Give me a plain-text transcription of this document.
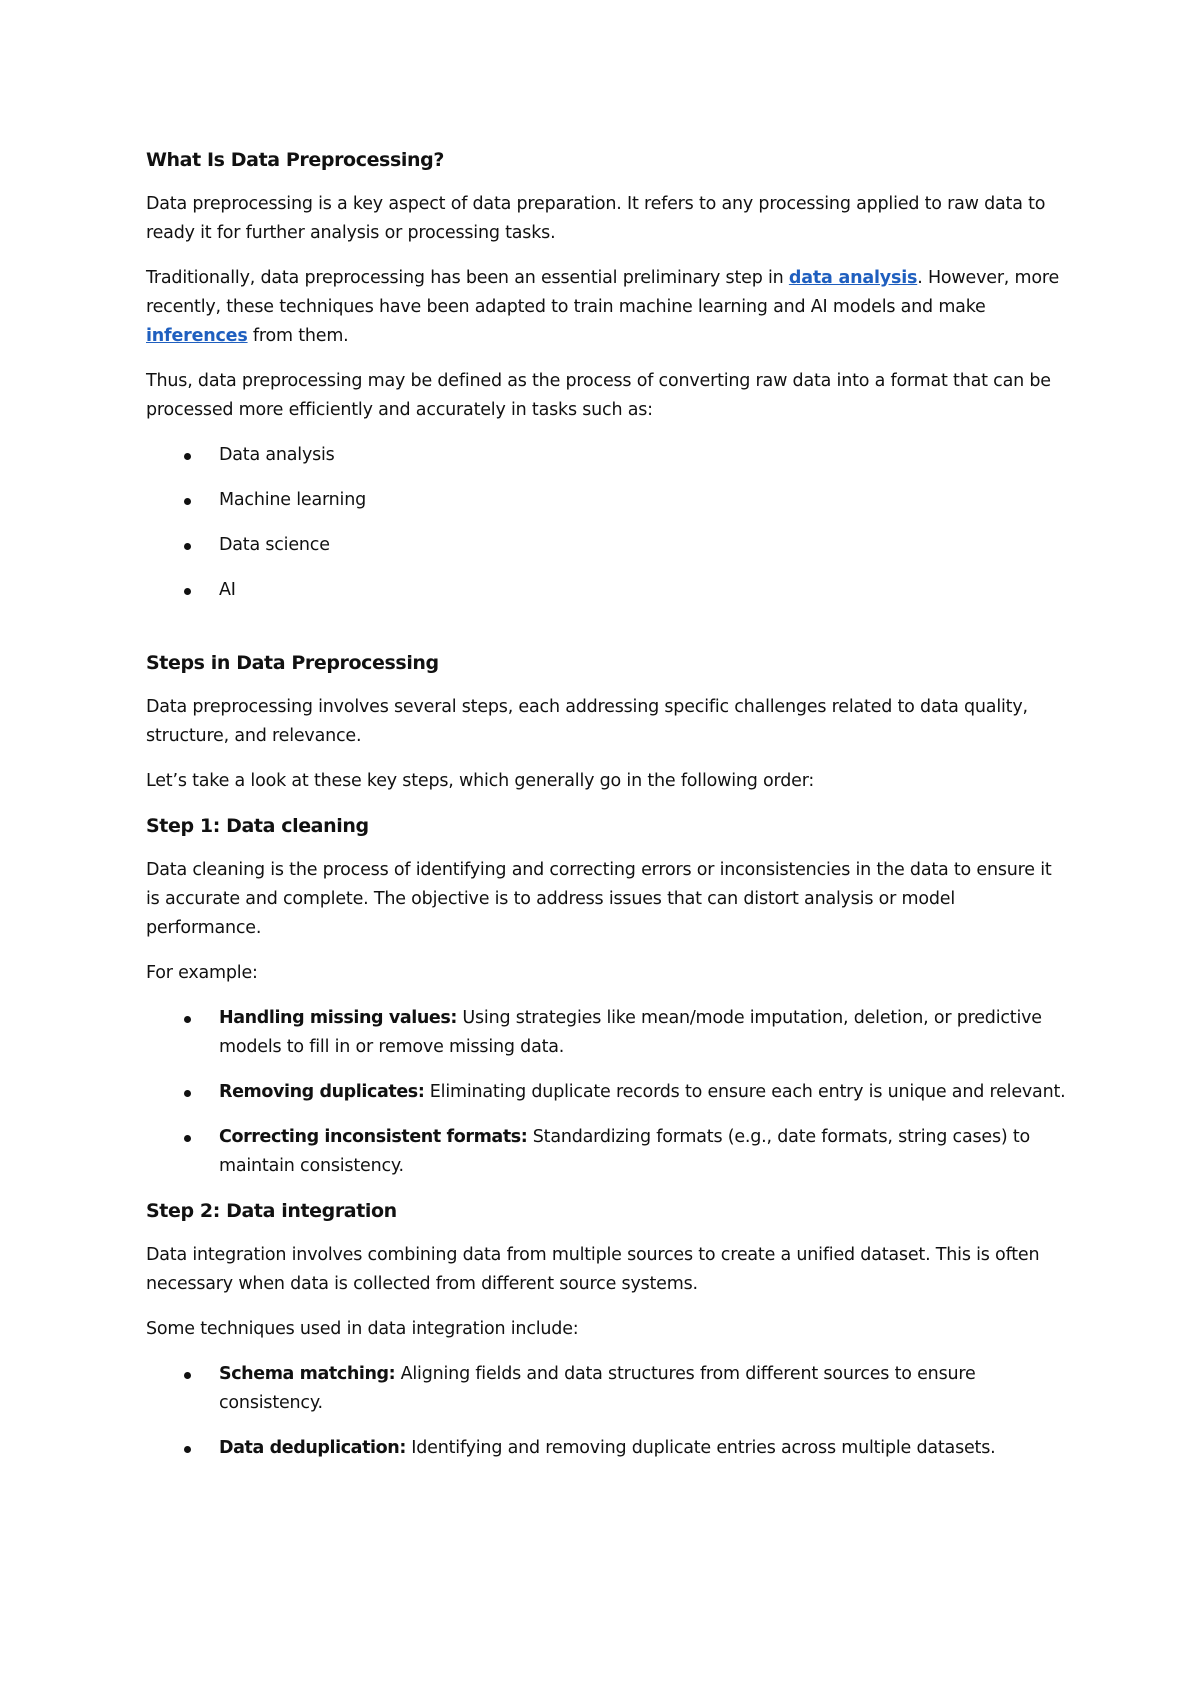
What Is Data Preprocessing?

Data preprocessing is a key aspect of data preparation. It refers to any processing applied to raw data to ready it for further analysis or processing tasks.

Traditionally, data preprocessing has been an essential preliminary step in data analysis. However, more recently, these techniques have been adapted to train machine learning and AI models and make inferences from them.

Thus, data preprocessing may be defined as the process of converting raw data into a format that can be processed more efficiently and accurately in tasks such as:

Data analysis
Machine learning
Data science
AI
Steps in Data Preprocessing

Data preprocessing involves several steps, each addressing specific challenges related to data quality, structure, and relevance.

Let’s take a look at these key steps, which generally go in the following order:

Step 1: Data cleaning

Data cleaning is the process of identifying and correcting errors or inconsistencies in the data to ensure it is accurate and complete. The objective is to address issues that can distort analysis or model performance.

For example:

Handling missing values: Using strategies like mean/mode imputation, deletion, or predictive models to fill in or remove missing data.
Removing duplicates: Eliminating duplicate records to ensure each entry is unique and relevant.
Correcting inconsistent formats: Standardizing formats (e.g., date formats, string cases) to maintain consistency.
Step 2: Data integration

Data integration involves combining data from multiple sources to create a unified dataset. This is often necessary when data is collected from different source systems.

Some techniques used in data integration include:

Schema matching: Aligning fields and data structures from different sources to ensure consistency.
Data deduplication: Identifying and removing duplicate entries across multiple datasets.
